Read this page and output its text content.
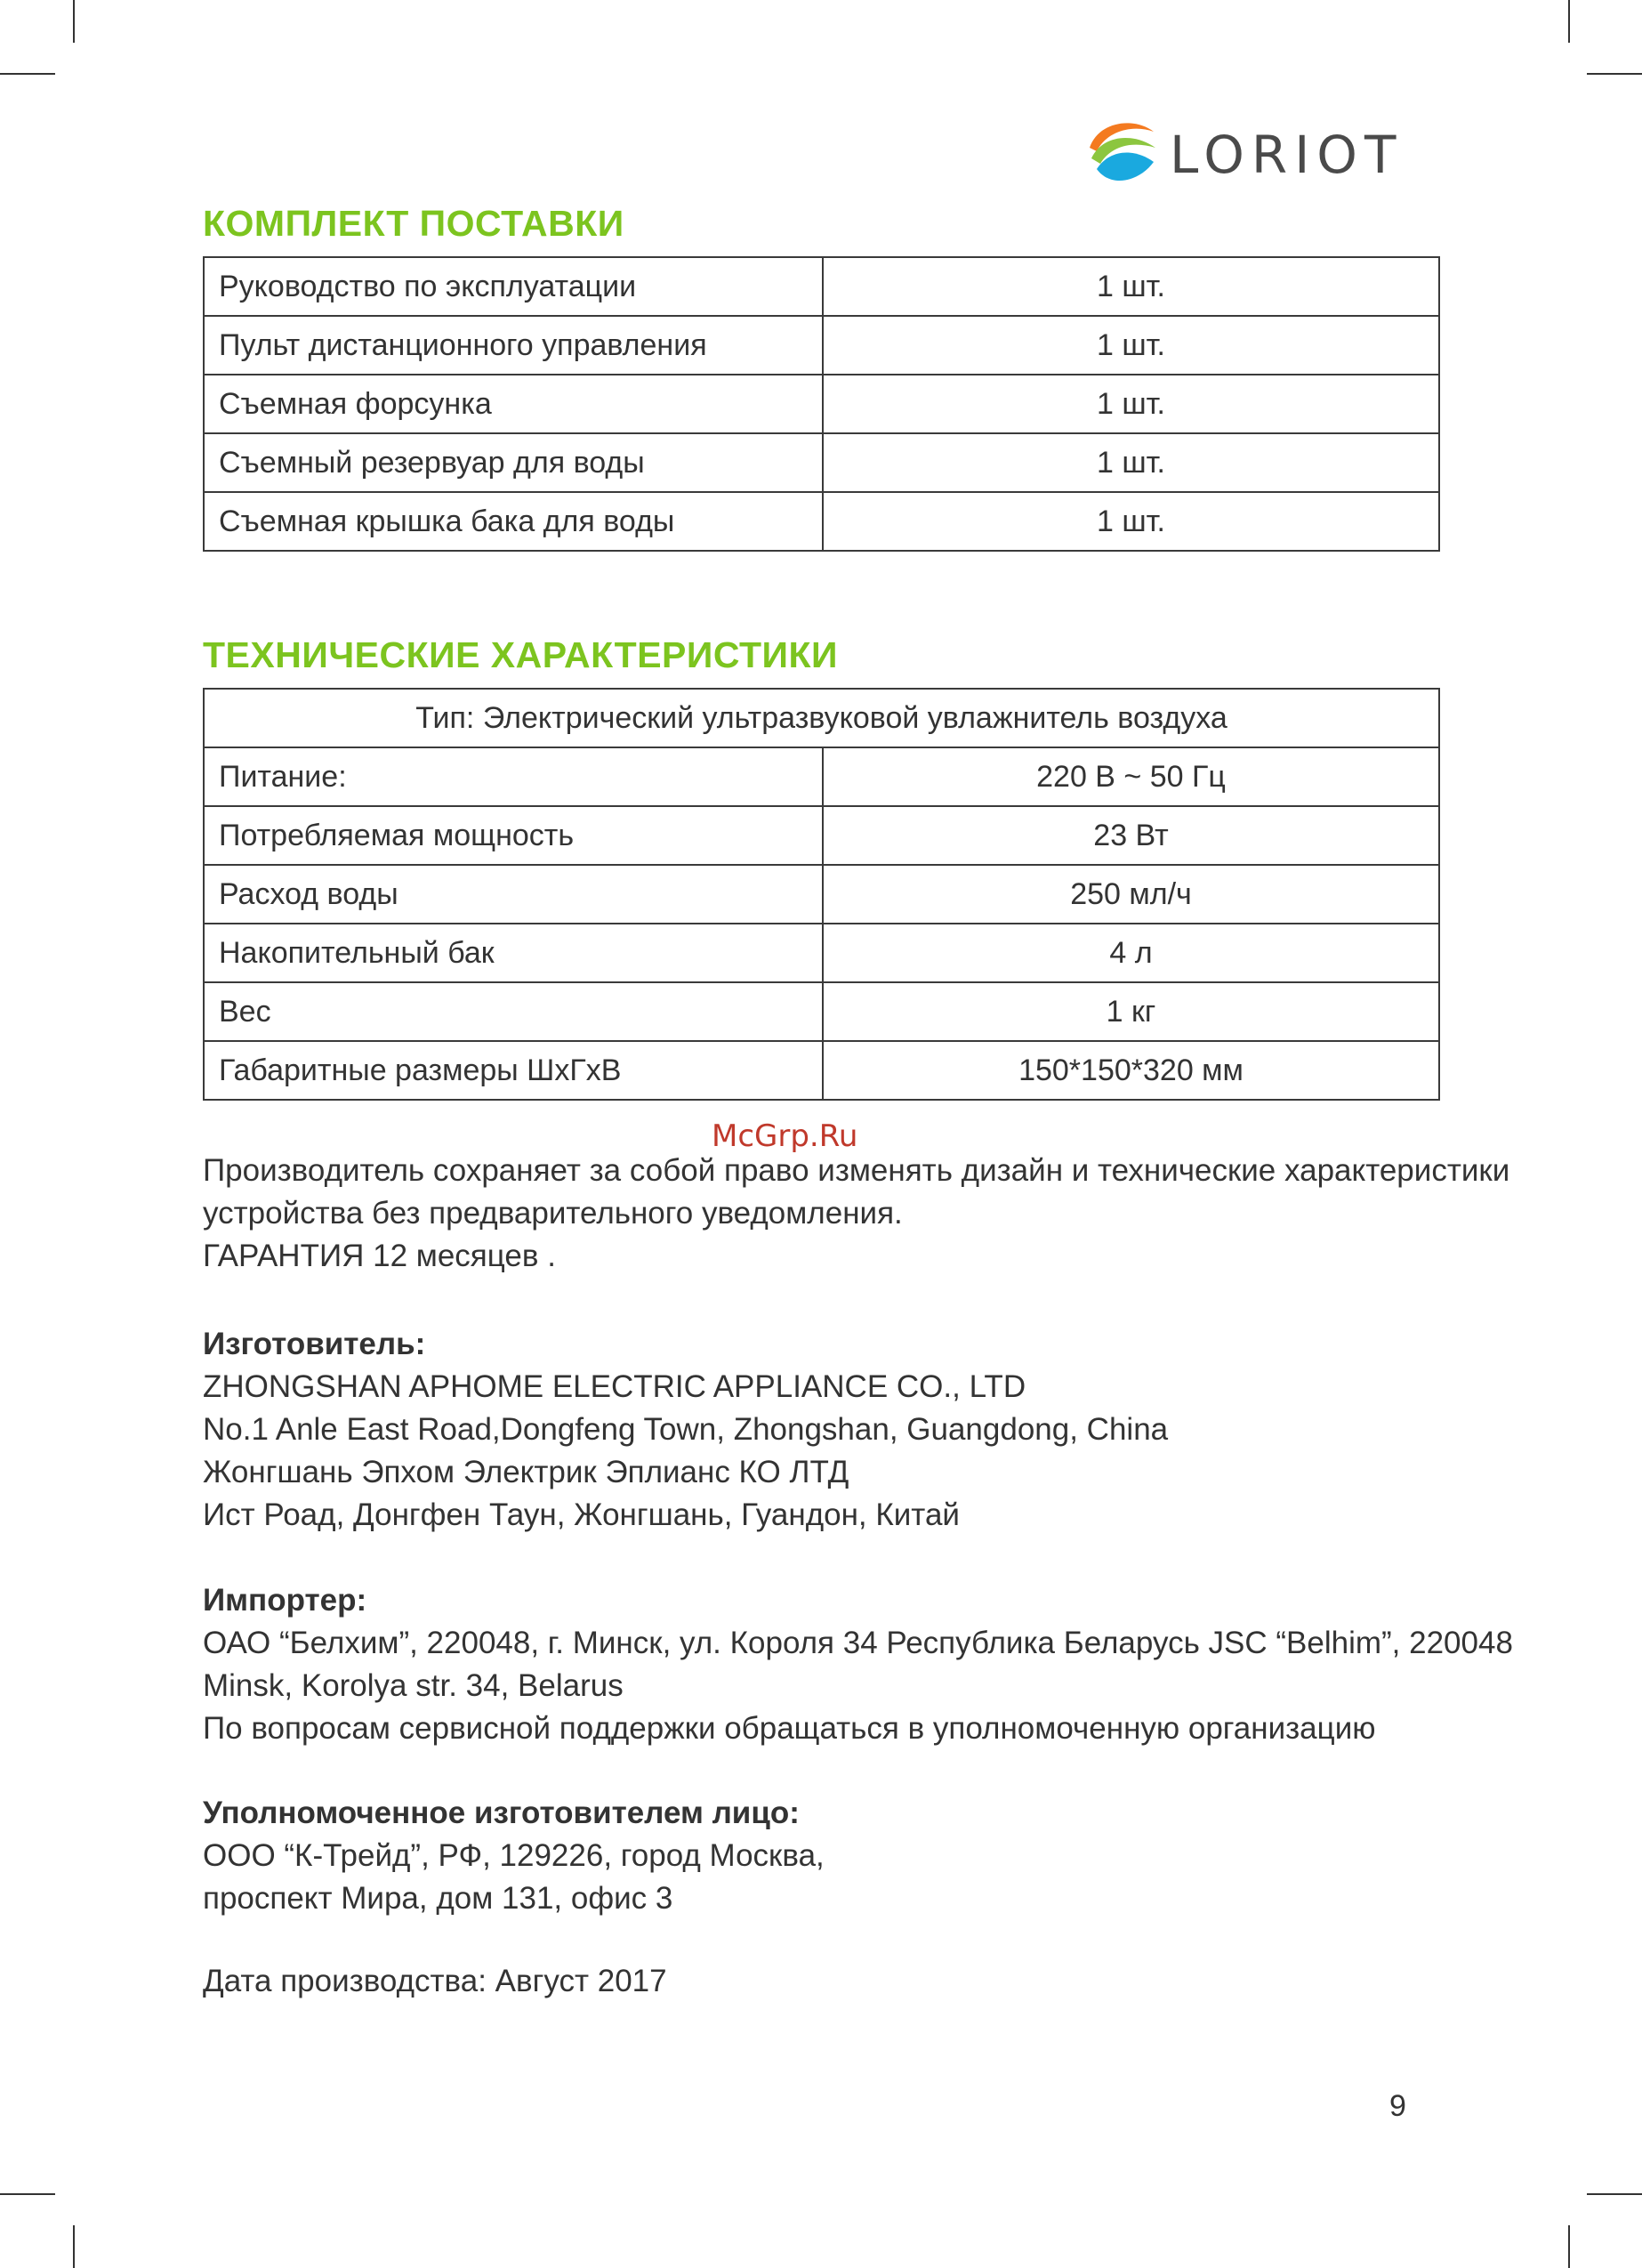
LORIOT
КОМПЛЕКТ ПОСТАВКИ
Руководство по эксплуатации	1 шт.
Пульт дистанционного управления	1 шт.
Съемная форсунка	1 шт.
Съемный резервуар для воды	1 шт.
Съемная крышка бака для воды	1 шт.
ТЕХНИЧЕСКИЕ ХАРАКТЕРИСТИКИ
Тип: Электрический ультразвуковой увлажнитель воздуха	
Питание:	220 В ~ 50 Гц
Потребляемая мощность	23 Вт
Расход воды	250 мл/ч
Накопительный бак	4 л
Вес	1 кг
Габаритные размеры ШхГхВ	150*150*320 мм
McGrp.Ru

Производитель сохраняет за собой право изменять дизайн и технические характеристики

устройства без предварительного уведомления.

ГАРАНТИЯ 12 месяцев .

Изготовитель:

ZHONGSHAN APHOME ELECTRIC APPLIANCE CO., LTD

No.1 Anle East Road,Dongfeng Town, Zhongshan, Guangdong, China

Жонгшань Эпхом Электрик Эплианс КО ЛТД

Ист Роад, Донгфен Таун, Жонгшань, Гуандон, Китай

Импортер:

ОАО “Белхим”, 220048, г. Минск, ул. Короля 34 Республика Беларусь JSC “Belhim”, 220048

Minsk, Korolya str. 34, Belarus

По вопросам сервисной поддержки обращаться в уполномоченную организацию

Уполномоченное изготовителем лицо:

ООО “К-Трейд”, РФ, 129226, город Москва,

проспект Мира, дом 131, офис 3

Дата производства: Август 2017
9
